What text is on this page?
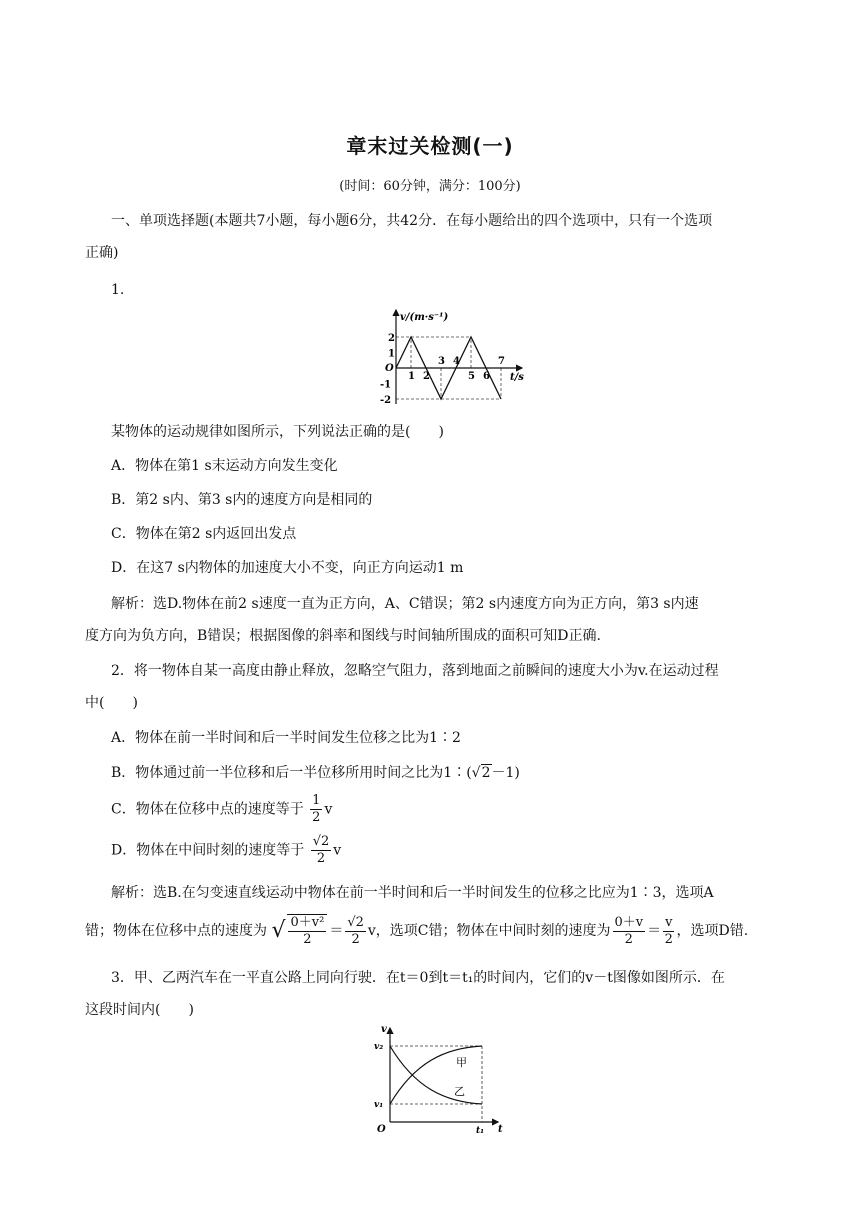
章末过关检测(一)
(时间：60分钟，满分：100分)
一、单项选择题(本题共7小题，每小题6分，共42分．在每小题给出的四个选项中，只有一个选项
正确)
1.
2
1
-1
-2
1 2
3 4
5 6
7
v/(m·s⁻¹)
t/s
O
某物体的运动规律如图所示，下列说法正确的是(　　)
A．物体在第1 s末运动方向发生变化
B．第2 s内、第3 s内的速度方向是相同的
C．物体在第2 s内返回出发点
D．在这7 s内物体的加速度大小不变，向正方向运动1 m
解析：选D.物体在前2 s速度一直为正方向，A、C错误；第2 s内速度方向为正方向，第3 s内速
度方向为负方向，B错误；根据图像的斜率和图线与时间轴所围成的面积可知D正确.
2．将一物体自某一高度由静止释放，忽略空气阻力，落到地面之前瞬间的速度大小为v.在运动过程
中(　　)
A．物体在前一半时间和后一半时间发生位移之比为1∶2
B．物体通过前一半位移和后一半位移所用时间之比为1∶(√2－1)
C．物体在位移中点的速度等于 $\frac{1}{2}$ v
D．物体在中间时刻的速度等于 $\frac{√2}{2}$ v
解析：选B.在匀变速直线运动中物体在前一半时间和后一半时间发生的位移之比应为1∶3，选项A
错；物体在位移中点的速度为 √ $\frac{\text{0＋v²}}{2} = \frac{√2}{2}$ v，选项C错；物体在中间时刻的速度为 $\frac{0+v}{2} = \frac{v}{2}$ ，选项D错.
3．甲、乙两汽车在一平直公路上同向行驶．在t＝0到t＝t₁的时间内，它们的v－t图像如图所示．在
这段时间内(　　)
v
t
O
v₂
v₁
t₁
甲
乙
